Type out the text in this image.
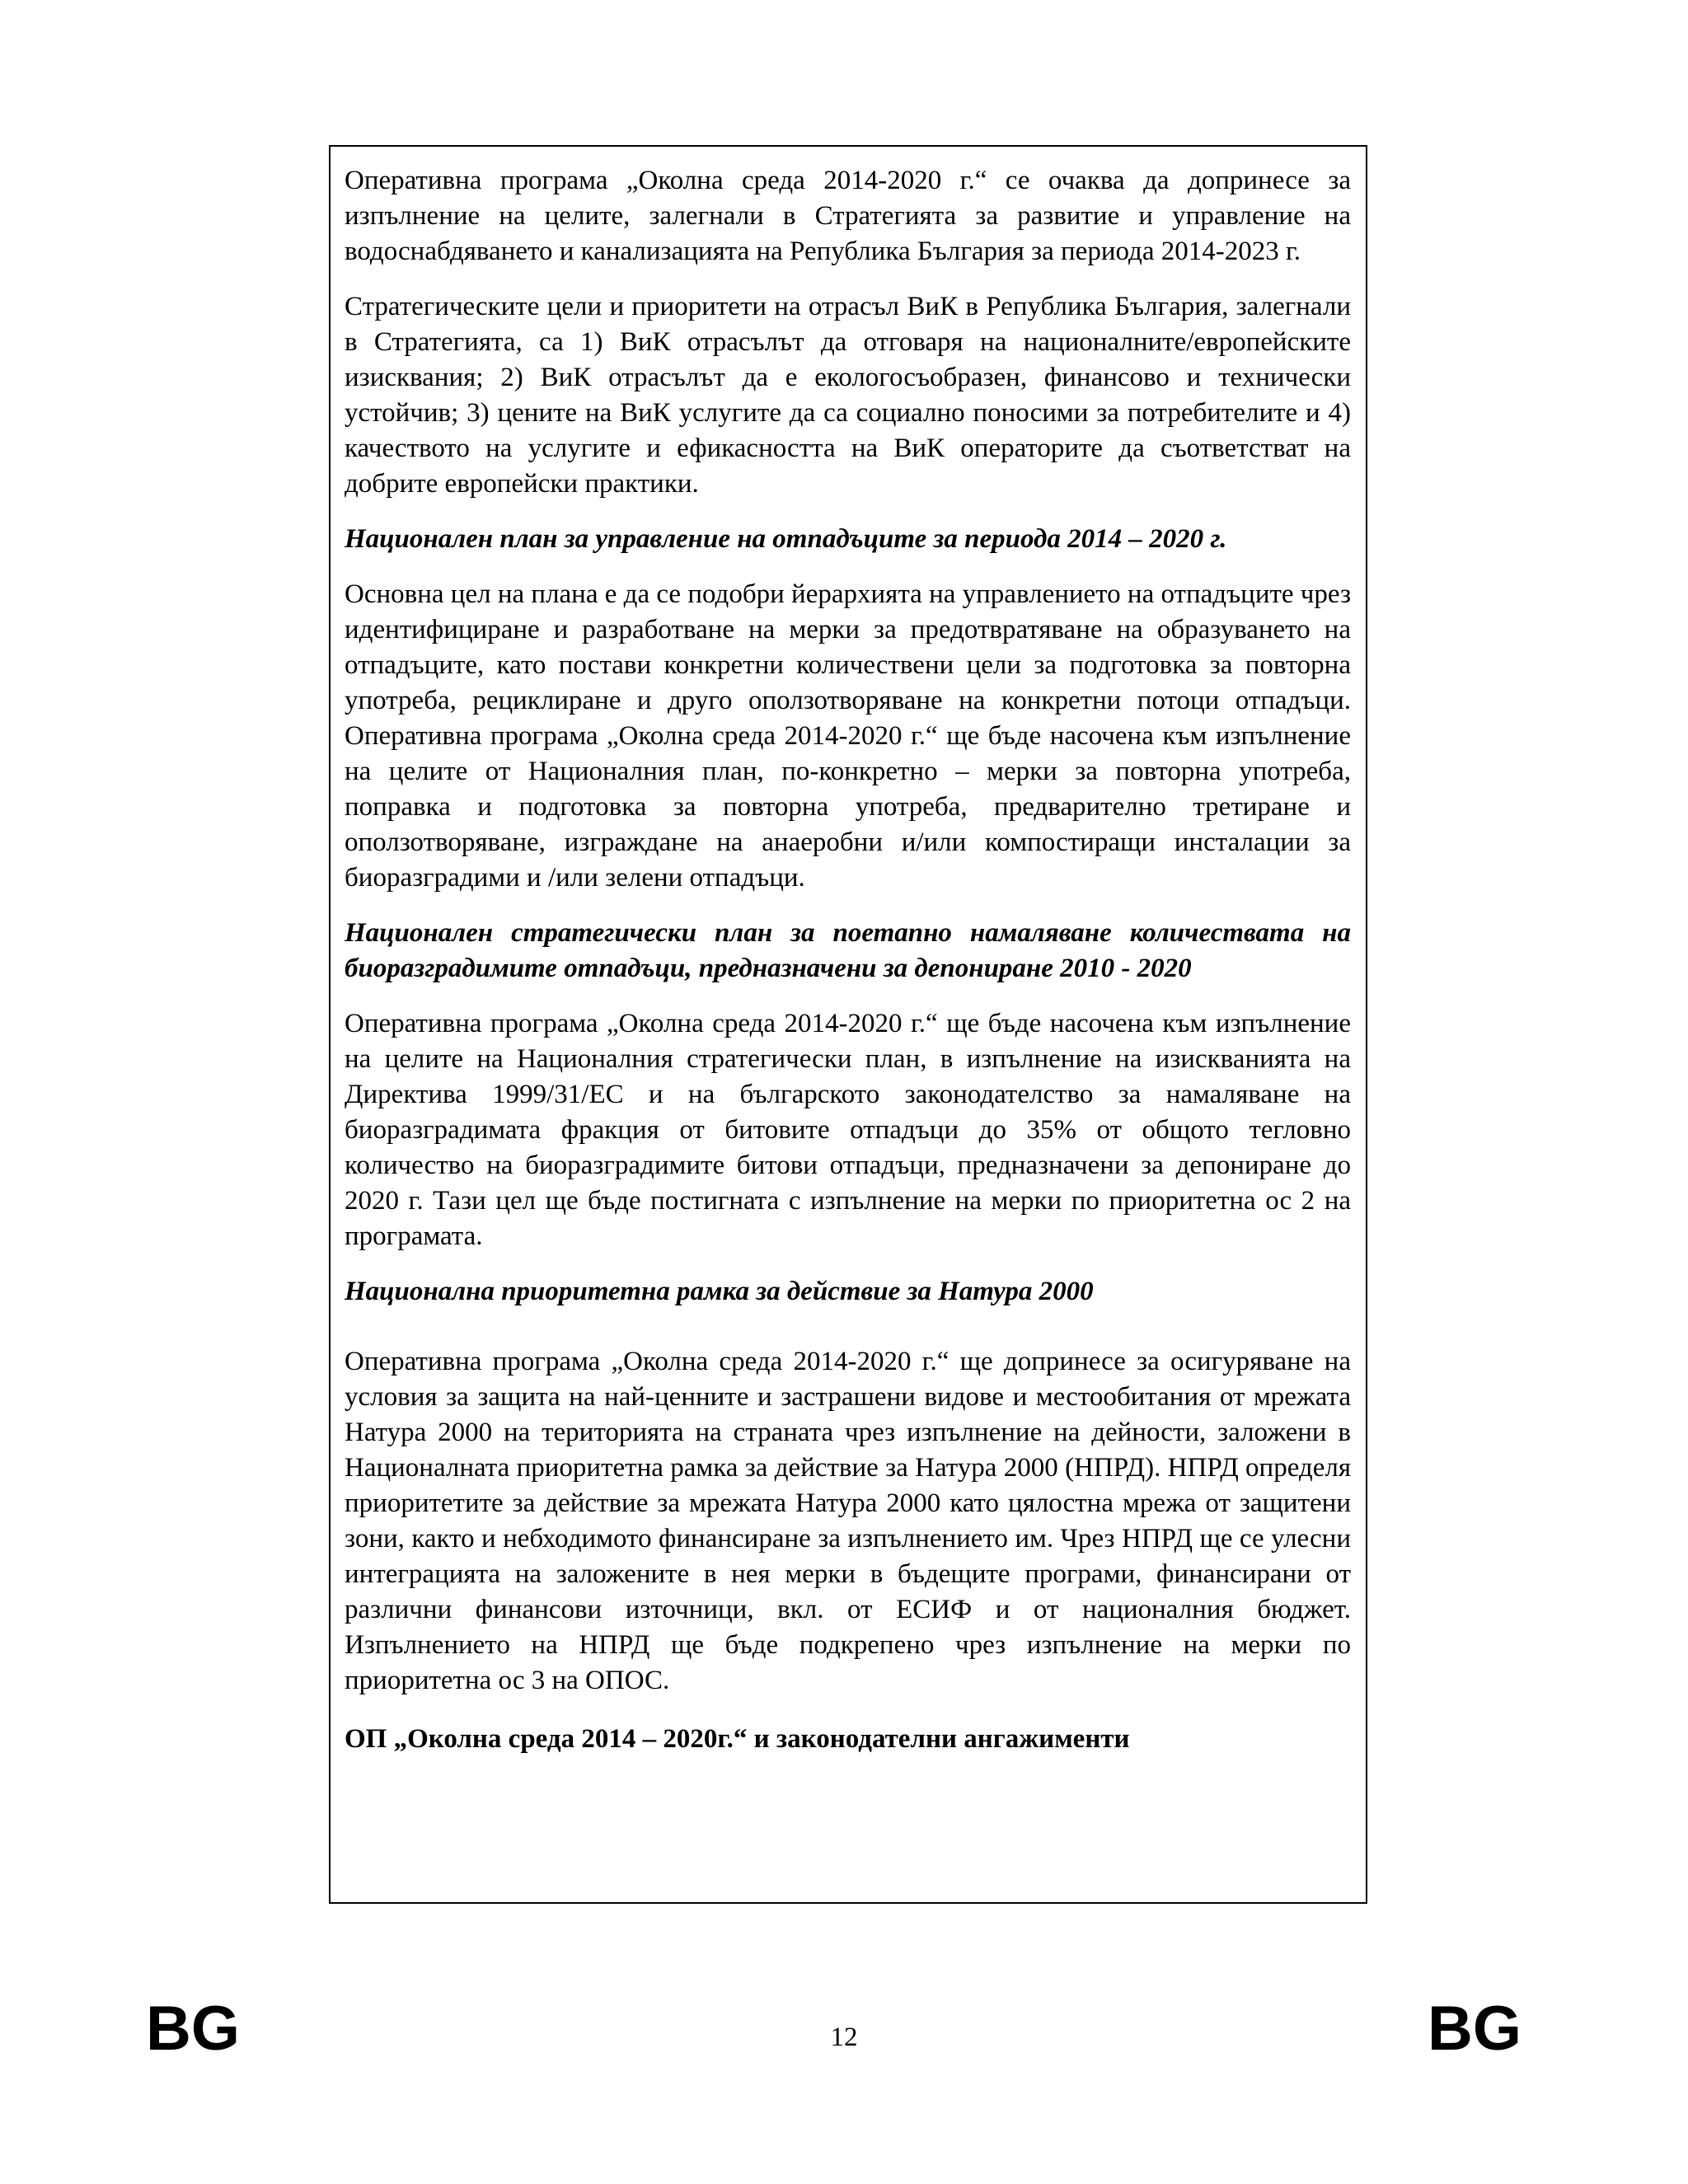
Оперативна програма „Околна среда 2014-2020 г.“ се очаква да допринесе за изпълнение на целите, залегнали в Стратегията за развитие и управление на водоснабдяването и канализацията на Република България за периода 2014-2023 г.

Стратегическите цели и приоритети на отрасъл ВиК в Република България, залегнали в Стратегията, са 1) ВиК отрасълът да отговаря на националните/европейските изисквания; 2) ВиК отрасълът да е екологосъобразен, финансово и технически устойчив; 3) цените на ВиК услугите да са социално поносими за потребителите и 4) качеството на услугите и ефикасността на ВиК операторите да съответстват на добрите европейски практики.

Национален план за управление на отпадъците за периода 2014 – 2020 г.

Основна цел на плана е да се подобри йерархията на управлението на отпадъците чрез идентифициране и разработване на мерки за предотвратяване на образуването на отпадъците, като постави конкретни количествени цели за подготовка за повторна употреба, рециклиране и друго оползотворяване на конкретни потоци отпадъци. Оперативна програма „Околна среда 2014-2020 г.“ ще бъде насочена към изпълнение на целите от Националния план, по-конкретно – мерки за повторна употреба, поправка и подготовка за повторна употреба, предварително третиране и оползотворяване, изграждане на анаеробни и/или компостиращи инсталации за биоразградими и /или зелени отпадъци.

Национален стратегически план за поетапно намаляване количествата на биоразградимите отпадъци, предназначени за депониране 2010 - 2020

Оперативна програма „Околна среда 2014-2020 г.“ ще бъде насочена към изпълнение на целите на Националния стратегически план, в изпълнение на изискванията на Директива 1999/31/ЕС и на българското законодателство за намаляване на биоразградимата фракция от битовите отпадъци до 35% от общото тегловно количество на биоразградимите битови отпадъци, предназначени за депониране до 2020 г. Тази цел ще бъде постигната с изпълнение на мерки по приоритетна ос 2 на програмата.

Национална приоритетна рамка за действие за Натура 2000

Оперативна програма „Околна среда 2014-2020 г.“ ще допринесе за осигуряване на условия за защита на най-ценните и застрашени видове и местообитания от мрежата Натура 2000 на територията на страната чрез изпълнение на дейности, заложени в Националната приоритетна рамка за действие за Натура 2000 (НПРД). НПРД определя приоритетите за действие за мрежата Натура 2000 като цялостна мрежа от защитени зони, както и небходимото финансиране за изпълнението им. Чрез НПРД ще се улесни интеграцията на заложените в нея мерки в бъдещите програми, финансирани от различни финансови източници, вкл. от ЕСИФ и от националния бюджет. Изпълнението на НПРД ще бъде подкрепено чрез изпълнение на мерки по приоритетна ос 3 на ОПОС.

ОП „Околна среда 2014 – 2020г.“ и законодателни ангажименти

BG	12	BG
